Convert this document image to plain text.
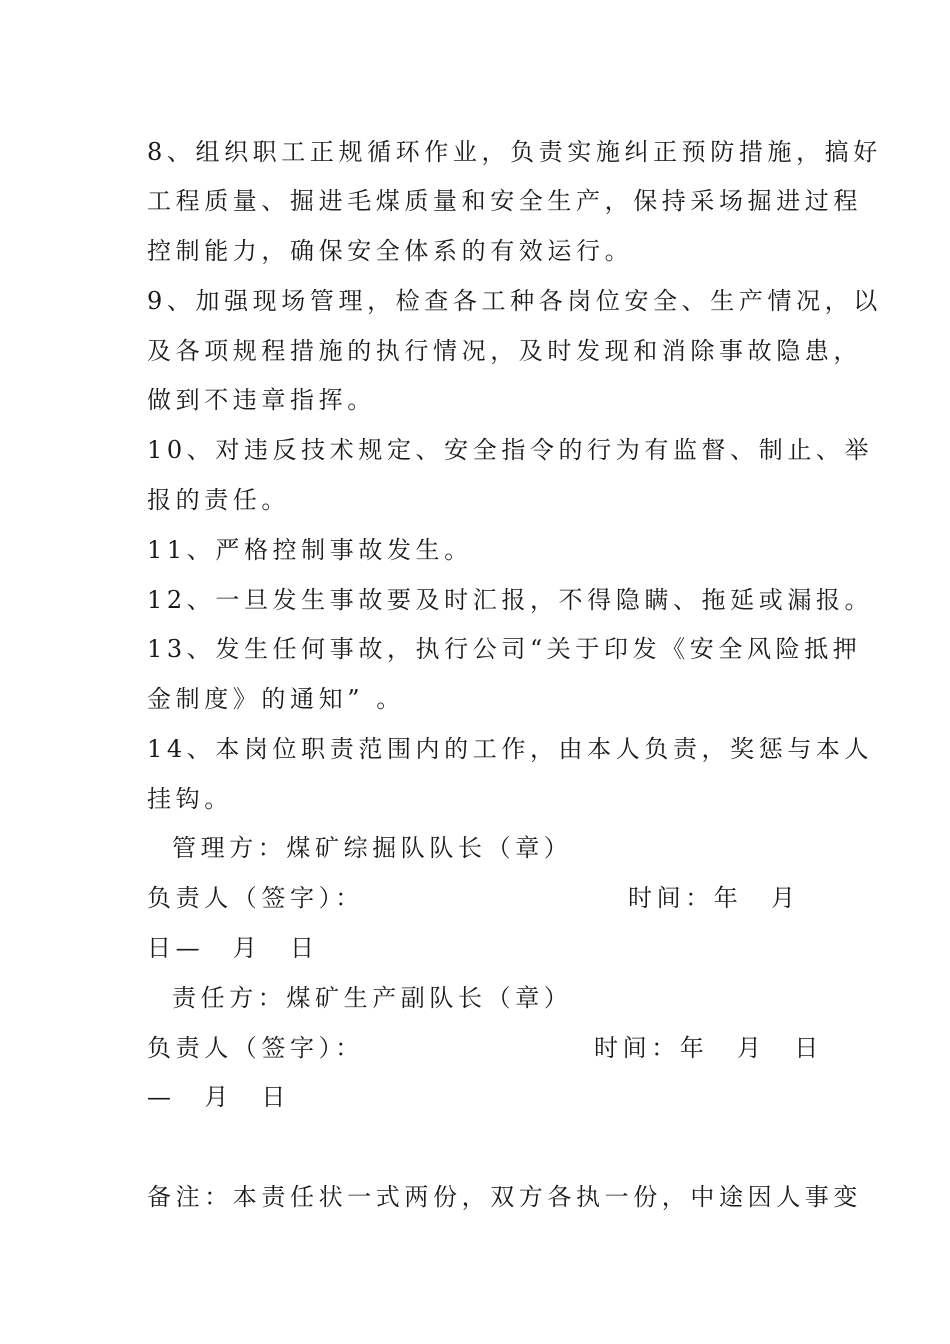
8、组织职工正规循环作业，负责实施纠正预防措施，搞好
工程质量、掘进毛煤质量和安全生产，保持采场掘进过程
控制能力，确保安全体系的有效运行。
9、加强现场管理，检查各工种各岗位安全、生产情况，以
及各项规程措施的执行情况，及时发现和消除事故隐患，
做到不违章指挥。
10、对违反技术规定、安全指令的行为有监督、制止、举
报的责任。
11、严格控制事故发生。
12、一旦发生事故要及时汇报，不得隐瞒、拖延或漏报。
13、发生任何事故，执行公司“关于印发《安全风险抵押
金制度》的通知” 。
14、本岗位职责范围内的工作，由本人负责，奖惩与本人
挂钩。
管理方：煤矿综掘队队长（章）
负责人（签字）：	时间：年　月
日—　月　日
责任方：煤矿生产副队长（章）
负责人（签字）：	时间：年　月　日
—　月　日
备注：本责任状一式两份，双方各执一份，中途因人事变
